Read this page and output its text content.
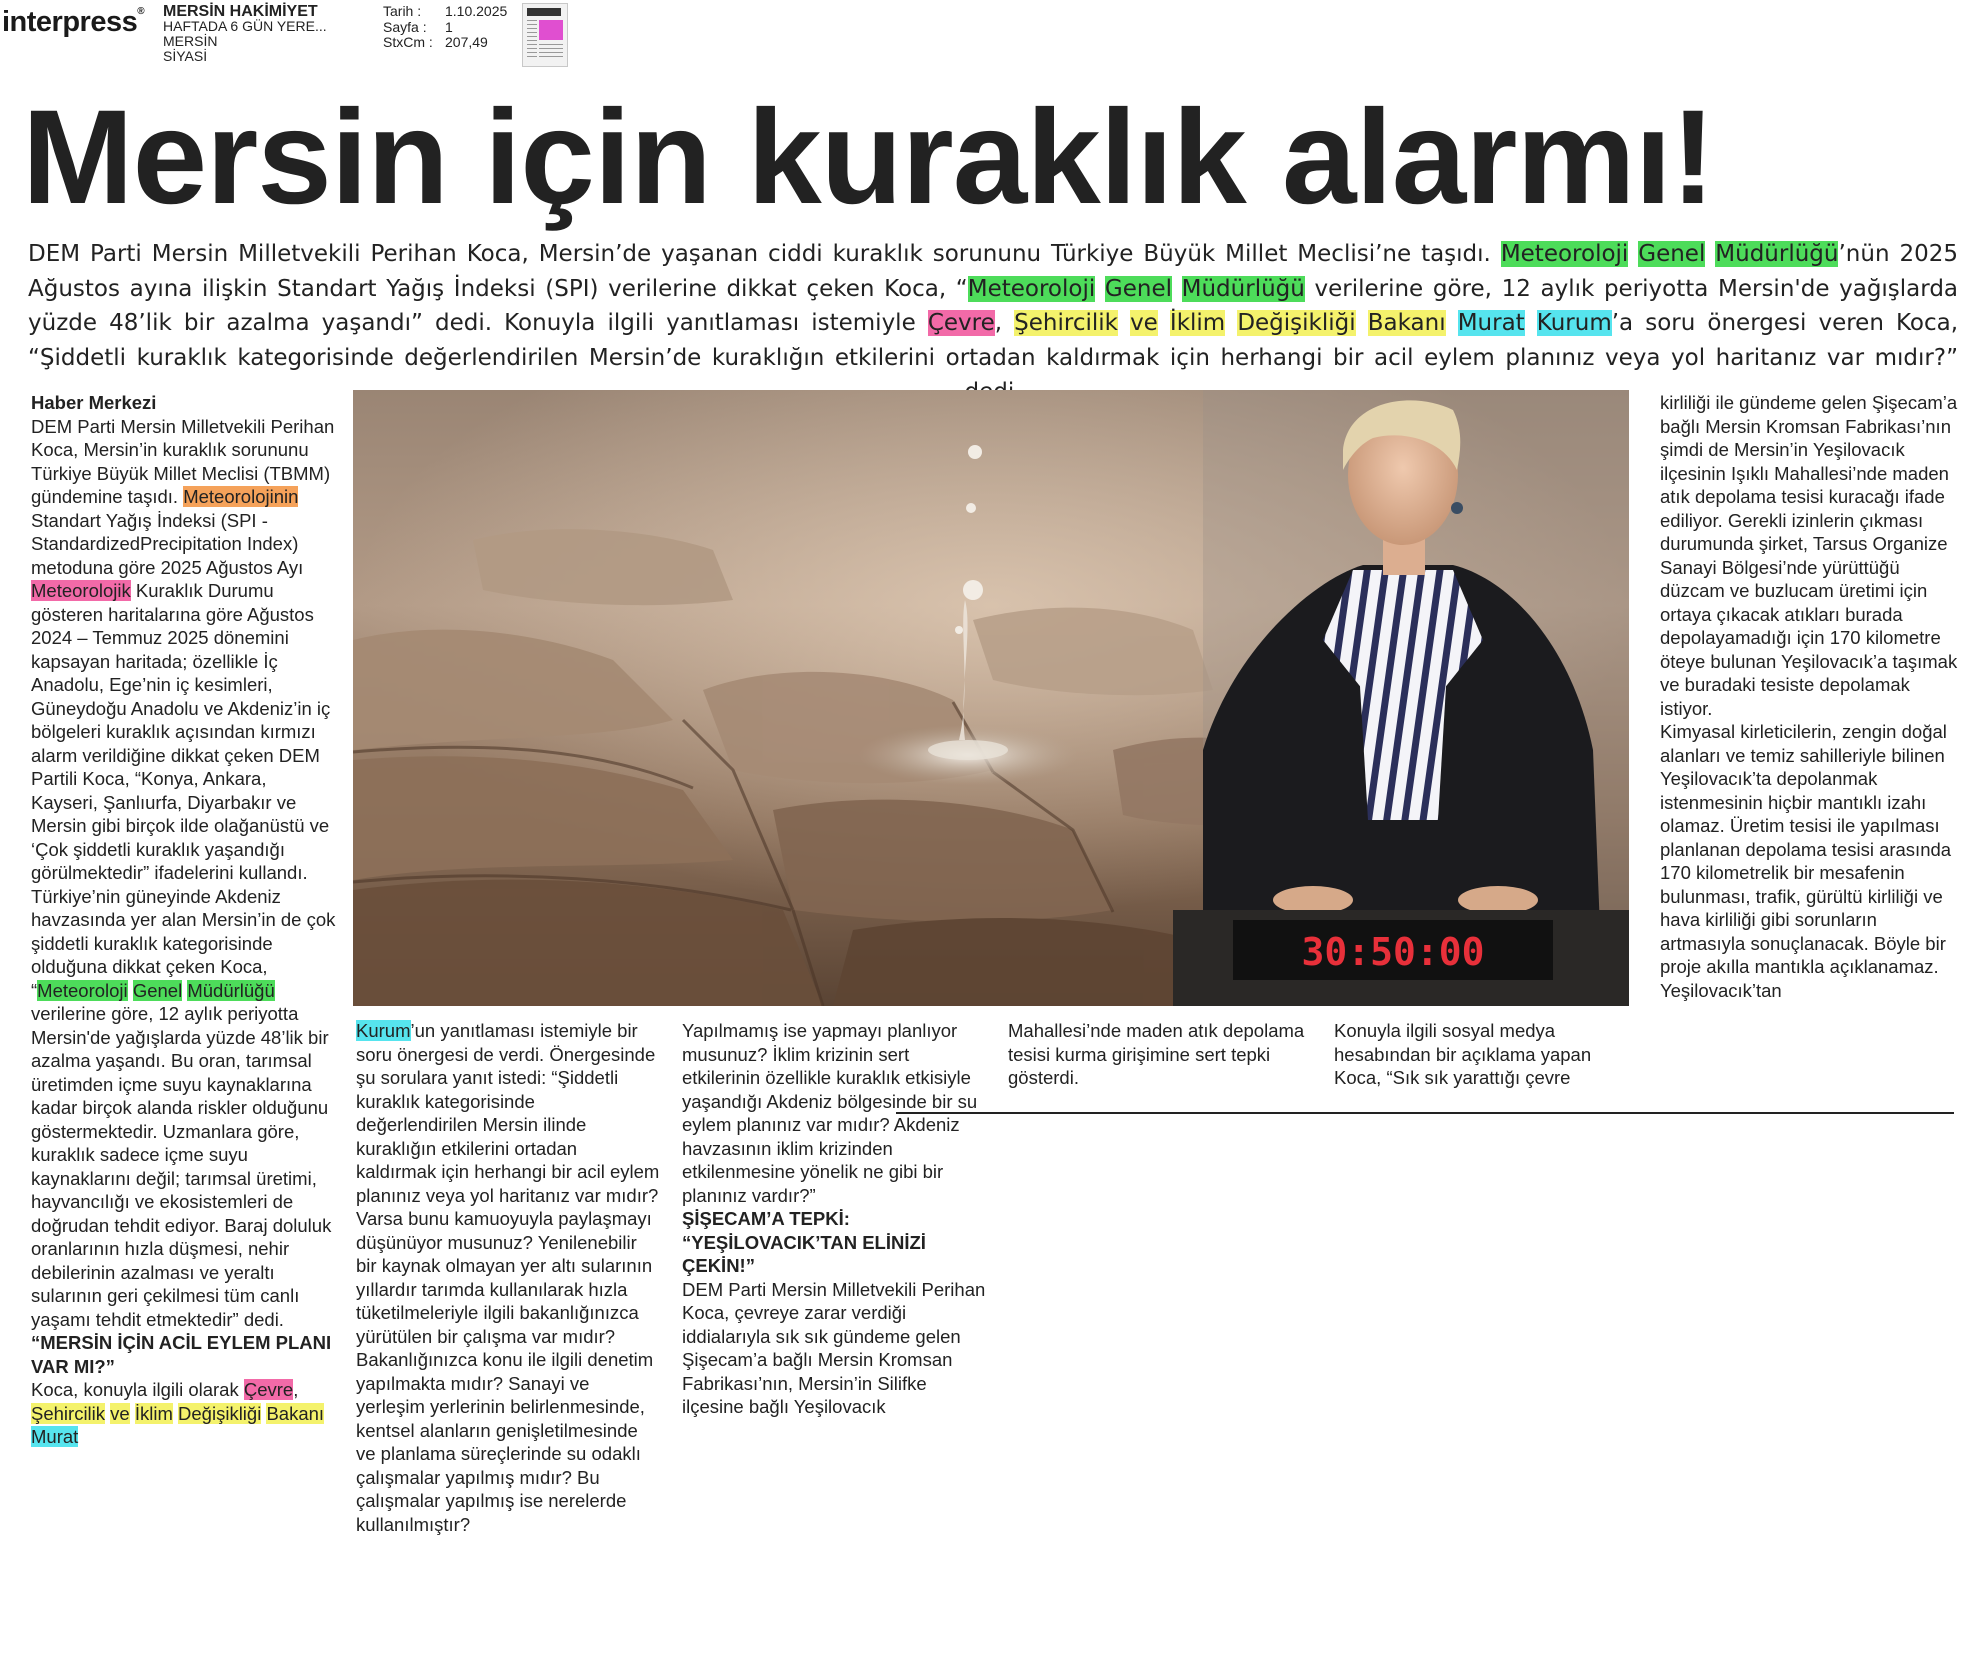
interpress® MERSİN HAKİMİYET
HAFTADA 6 GÜN YERE...
MERSİN
SİYASİ
Tarih : 1.10.2025
Sayfa : 1
StxCm : 207,49
Mersin için kuraklık alarmı!
DEM Parti Mersin Milletvekili Perihan Koca, Mersin’de yaşanan ciddi kuraklık sorununu Türkiye Büyük Millet Meclisi’ne taşıdı. Meteoroloji Genel Müdürlüğü’nün 2025 Ağustos ayına ilişkin Standart Yağış İndeksi (SPI) verilerine dikkat çeken Koca, “Meteoroloji Genel Müdürlüğü verilerine göre, 12 aylık periyotta Mersin'de yağışlarda yüzde 48’lik bir azalma yaşandı” dedi. Konuyla ilgili yanıtlaması istemiyle Çevre, Şehircilik ve İklim Değişikliği Bakanı Murat Kurum’a soru önergesi veren Koca, “Şiddetli kuraklık kategorisinde değerlendirilen Mersin’de kuraklığın etkilerini ortadan kaldırmak için herhangi bir acil eylem planınız veya yol haritanız var mıdır?”

Haber Merkezi

DEM Parti Mersin Milletvekili Perihan Koca, Mersin’in kuraklık sorununu Türkiye Büyük Millet Meclisi (TBMM) gündemine taşıdı. Meteorolojinin Standart Yağış İndeksi (SPI - StandardizedPrecipitation Index) metoduna göre 2025 Ağustos Ayı Meteorolojik Kuraklık Durumu gösteren haritalarına göre Ağustos 2024 – Temmuz 2025 dönemini kapsayan haritada; özellikle İç Anadolu, Ege’nin iç kesimleri, Güneydoğu Anadolu ve Akdeniz’in iç bölgeleri kuraklık açısından kırmızı alarm verildiğine dikkat çeken DEM Partili Koca, “Konya, Ankara, Kayseri, Şanlıurfa, Diyarbakır ve Mersin gibi birçok ilde olağanüstü ve ‘Çok şiddetli kuraklık yaşandığı görülmektedir” ifadelerini kullandı. Türkiye’nin güneyinde Akdeniz havzasında yer alan Mersin’in de çok şiddetli kuraklık kategorisinde olduğuna dikkat çeken Koca, “Meteoroloji Genel Müdürlüğü verilerine göre, 12 aylık periyotta Mersin'de yağışlarda yüzde 48’lik bir azalma yaşandı. Bu oran, tarımsal üretimden içme suyu kaynaklarına kadar birçok alanda riskler olduğunu göstermektedir. Uzmanlara göre, kuraklık sadece içme suyu kaynaklarını değil; tarımsal üretimi, hayvancılığı ve ekosistemleri de doğrudan tehdit ediyor. Baraj doluluk oranlarının hızla düşmesi, nehir debilerinin azalması ve yeraltı sularının geri çekilmesi tüm canlı yaşamı tehdit etmektedir” dedi.

“MERSİN İÇİN ACİL EYLEM PLANI VAR MI?”

Koca, konuyla ilgili olarak Çevre, Şehircilik ve İklim Değişikliği Bakanı Murat

Kurum’un yanıtlaması istemiyle bir soru önergesi de verdi. Önergesinde şu sorulara yanıt istedi: “Şiddetli kuraklık kategorisinde değerlendirilen Mersin ilinde kuraklığın etkilerini ortadan kaldırmak için herhangi bir acil eylem planınız veya yol haritanız var mıdır? Varsa bunu kamuoyuyla paylaşmayı düşünüyor musunuz? Yenilenebilir bir kaynak olmayan yer altı sularının yıllardır tarımda kullanılarak hızla tüketilmeleriyle ilgili bakanlığınızca yürütülen bir çalışma var mıdır? Bakanlığınızca konu ile ilgili denetim yapılmakta mıdır? Sanayi ve yerleşim yerlerinin belirlenmesinde, kentsel alanların genişletilmesinde ve planlama süreçlerinde su odaklı çalışmalar yapılmış mıdır? Bu çalışmalar yapılmış ise nerelerde kullanılmıştır?

Yapılmamış ise yapmayı planlıyor musunuz? İklim krizinin sert etkilerinin özellikle kuraklık etkisiyle yaşandığı Akdeniz bölgesinde bir su eylem planınız var mıdır? Akdeniz havzasının iklim krizinden etkilenmesine yönelik ne gibi bir planınız vardır?”

ŞİŞECAM’A TEPKİ: “YEŞİLOVACIK’TAN ELİNİZİ ÇEKİN!”

DEM Parti Mersin Milletvekili Perihan Koca, çevreye zarar verdiği iddialarıyla sık sık gündeme gelen Şişecam’a bağlı Mersin Kromsan Fabrikası’nın, Mersin’in Silifke ilçesine bağlı Yeşilovacık

Mahallesi’nde maden atık depolama tesisi kurma girişimine sert tepki gösterdi.

Konuyla ilgili sosyal medya hesabından bir açıklama yapan Koca, “Sık sık yarattığı çevre

kirliliği ile gündeme gelen Şişecam’a bağlı Mersin Kromsan Fabrikası’nın şimdi de Mersin’in Yeşilovacık ilçesinin Işıklı Mahallesi’nde maden atık depolama tesisi kuracağı ifade ediliyor. Gerekli izinlerin çıkması durumunda şirket, Tarsus Organize Sanayi Bölgesi’nde yürüttüğü düzcam ve buzlucam üretimi için ortaya çıkacak atıkları burada depolayamadığı için 170 kilometre öteye bulunan Yeşilovacık’a taşımak ve buradaki tesiste depolamak istiyor.

Kimyasal kirleticilerin, zengin doğal alanları ve temiz sahilleriyle bilinen Yeşilovacık’ta depolanmak istenmesinin hiçbir mantıklı izahı olamaz. Üretim tesisi ile yapılması planlanan depolama tesisi arasında 170 kilometrelik bir mesafenin bulunması, trafik, gürültü kirliliği ve hava kirliliği gibi sorunların artmasıyla sonuçlanacak. Böyle bir proje akılla mantıkla açıklanamaz. Yeşilovacık’tan

30:50:00
